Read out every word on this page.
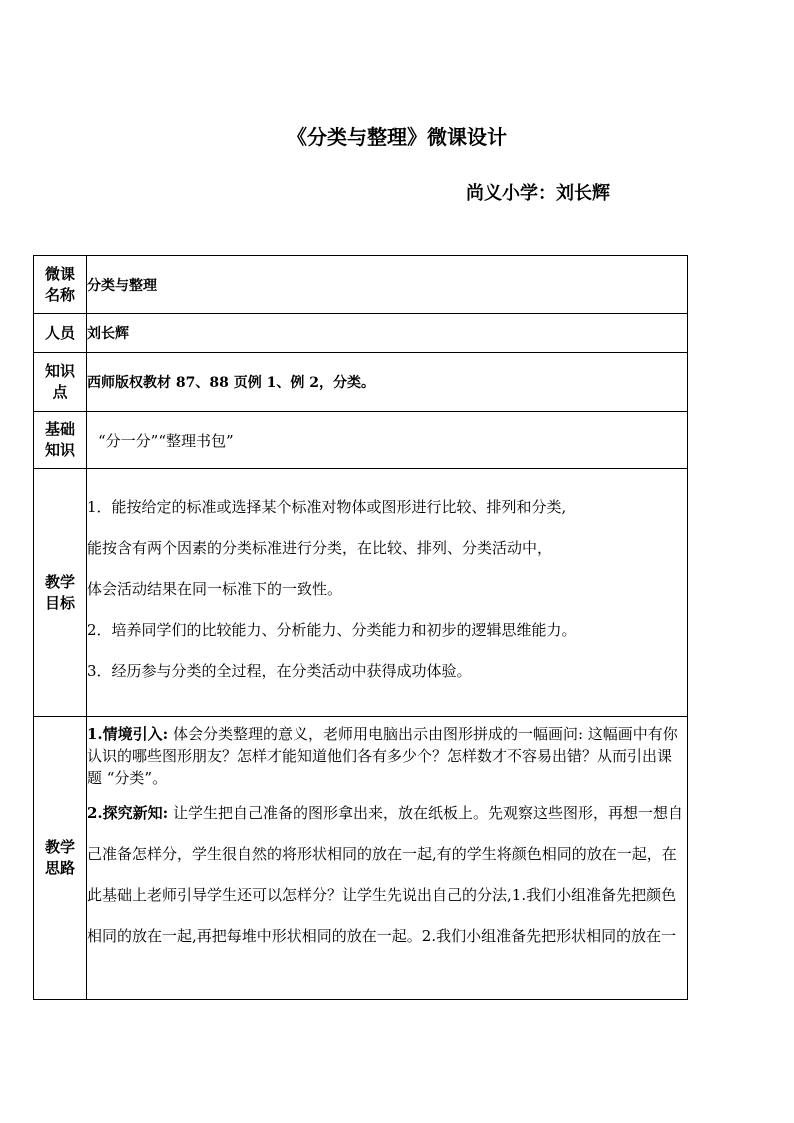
《分类与整理》微课设计
尚义小学：刘长辉
微课名称	分类与整理
人员	刘长辉
知识点	西师版权教材 87、88 页例 1、例 2，分类。
基础知识	“分一分”“整理书包”
教学目标	1．能按给定的标准或选择某个标准对物体或图形进行比较、排列和分类,
能按含有两个因素的分类标准进行分类，在比较、排列、分类活动中，
体会活动结果在同一标准下的一致性。
2．培养同学们的比较能力、分析能力、分类能力和初步的逻辑思维能力。
3．经历参与分类的全过程，在分类活动中获得成功体验。

教学思路	1.情境引入: 体会分类整理的意义，老师用电脑出示由图形拼成的一幅画问: 这幅画中有你认识的哪些图形朋友？怎样才能知道他们各有多少个？怎样数才不容易出错？从而引出课题 “分类”。
2.探究新知: 让学生把自己准备的图形拿出来，放在纸板上。先观察这些图形，再想一想自己准备怎样分，学生很自然的将形状相同的放在一起,有的学生将颜色相同的放在一起，在此基础上老师引导学生还可以怎样分？让学生先说出自己的分法,1.我们小组准备先把颜色相同的放在一起,再把每堆中形状相同的放在一起。2.我们小组准备先把形状相同的放在一
